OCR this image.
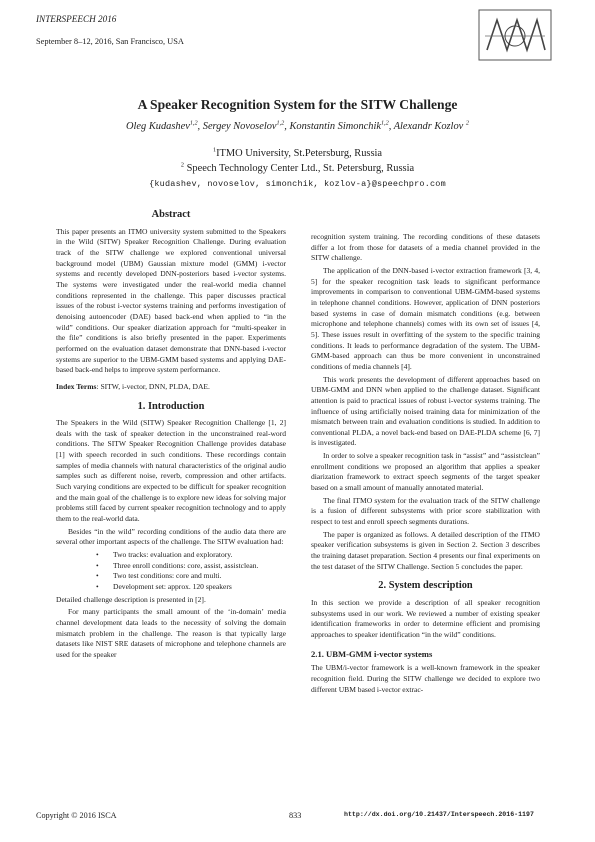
INTERSPEECH 2016
September 8–12, 2016, San Francisco, USA
A Speaker Recognition System for the SITW Challenge
Oleg Kudashev$^{1,2}$, Sergey Novoselov$^{1,2}$, Konstantin Simonchik$^{1,2}$, Alexandr Kozlov $^2$
$^1$ITMO University, St.Petersburg, Russia
$^2$ Speech Technology Center Ltd., St. Petersburg, Russia
{kudashev, novoselov, simonchik, kozlov-a}@speechpro.com
Abstract

This paper presents an ITMO university system submitted to the Speakers in the Wild (SITW) Speaker Recognition Challenge. During evaluation track of the SITW challenge we explored conventional universal background model (UBM) Gaussian mixture model (GMM) i-vector systems and recently developed DNN-posteriors based i-vector systems. The systems were investigated under the real-world media channel conditions represented in the challenge. This paper discusses practical issues of the robust i-vector systems training and performs investigation of denoising autoencoder (DAE) based back-end when applied to “in the wild” conditions. Our speaker diarization approach for “multi-speaker in the file” conditions is also briefly presented in the paper. Experiments performed on the evaluation dataset demonstrate that DNN-based i-vector systems are superior to the UBM-GMM based systems and applying DAE-based back-end helps to improve system performance.

Index Terms: SITW, i-vector, DNN, PLDA, DAE.

1. Introduction

The Speakers in the Wild (SITW) Speaker Recognition Challenge [1, 2] deals with the task of speaker detection in the unconstrained real-word conditions. The SITW Speaker Recognition Challenge provides database [1] with speech recorded in such conditions. These recordings contain samples of media channels with natural characteristics of the original audio samples such as different noise, reverb, compression and other artifacts. Such varying conditions are expected to be difficult for speaker recognition and the main goal of the challenge is to explore new ideas for solving major problems still faced by current speaker recognition technology and to apply them to the real-world data.

Besides “in the wild” recording conditions of the audio data there are several other important aspects of the challenge. The SITW evaluation had:

• Two tracks: evaluation and exploratory.
• Three enroll conditions: core, assist, assistclean.
• Two test conditions: core and multi.
• Development set: approx. 120 speakers

Detailed challenge description is presented in [2].

For many participants the small amount of the ‘in-domain’ media channel development data leads to the necessity of solving the domain mismatch problem in the challenge. The reason is that typically large datasets like NIST SRE datasets of microphone and telephone channels are used for the speaker

recognition system training. The recording conditions of these datasets differ a lot from those for datasets of a media channel provided in the SITW challenge.

The application of the DNN-based i-vector extraction framework [3, 4, 5] for the speaker recognition task leads to significant performance improvements in comparison to conventional UBM-GMM-based systems in telephone channel conditions. However, application of DNN posteriors based systems in case of domain mismatch conditions (e.g. between microphone and telephone channels) comes with its own set of issues [4, 5]. These issues result in overfitting of the system to the specific training conditions. It leads to performance degradation of the system. The UBM-GMM-based approach can thus be more convenient in unconstrained conditions of media channels [4].

This work presents the development of different approaches based on UBM-GMM and DNN when applied to the challenge dataset. Significant attention is paid to practical issues of robust i-vector systems training. The influence of using artificially noised training data for minimization of the mismatch between train and evaluation conditions is studied. In addition to conventional PLDA, a novel back-end based on DAE-PLDA scheme [6, 7] is investigated.

In order to solve a speaker recognition task in “assist” and “assistclean” enrollment conditions we proposed an algorithm that applies a speaker diarization framework to extract speech segments of the target speaker based on a small amount of manually annotated material.

The final ITMO system for the evaluation track of the SITW challenge is a fusion of different subsystems with prior score stabilization with respect to test and enroll speech segments durations.

The paper is organized as follows. A detailed description of the ITMO speaker verification subsystems is given in Section 2. Section 3 describes the training dataset preparation. Section 4 presents our final experiments on the test dataset of the SITW Challenge. Section 5 concludes the paper.

2. System description

In this section we provide a description of all speaker recognition subsystems used in our work. We reviewed a number of existing speaker identification frameworks in order to determine efficient and promising approaches to speaker identification “in the wild” conditions.

2.1. UBM-GMM i-vector systems

The UBM/i-vector framework is a well-known framework in the speaker recognition field. During the SITW challenge we decided to explore two different UBM based i-vector extrac-

Copyright © 2016 ISCA	833	http://dx.doi.org/10.21437/Interspeech.2016-1197
